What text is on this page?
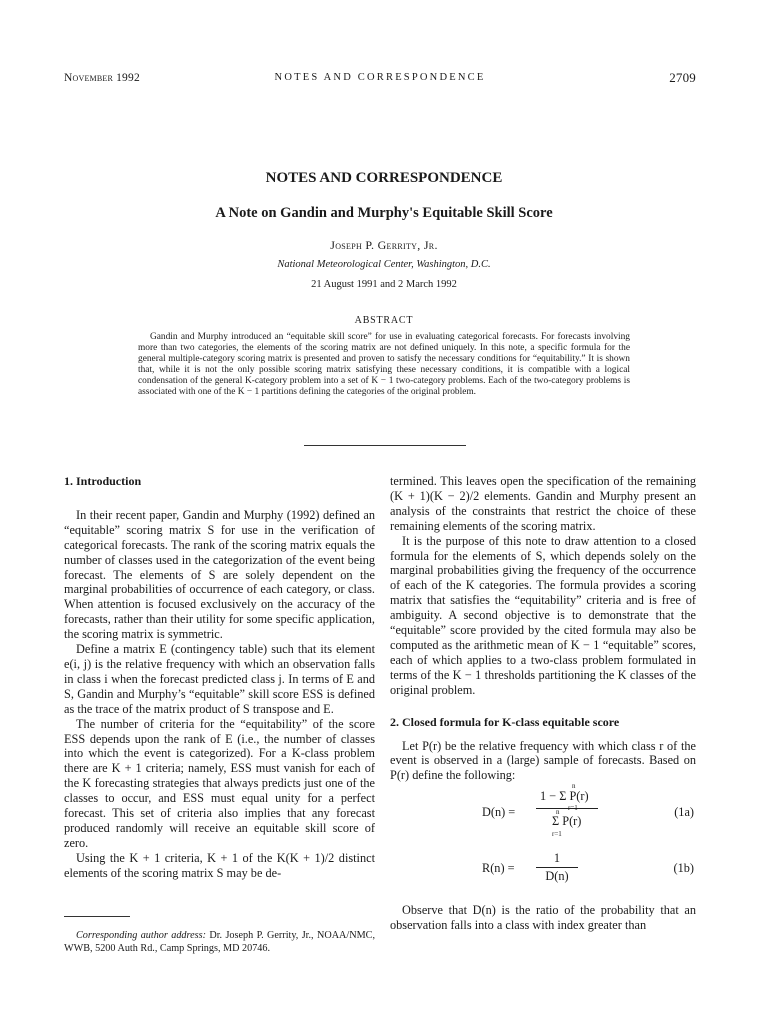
November 1992	NOTES AND CORRESPONDENCE	2709
NOTES AND CORRESPONDENCE
A Note on Gandin and Murphy's Equitable Skill Score
Joseph P. Gerrity, Jr.
National Meteorological Center, Washington, D.C.
21 August 1991 and 2 March 1992
ABSTRACT
Gandin and Murphy introduced an “equitable skill score” for use in evaluating categorical forecasts. For forecasts involving more than two categories, the elements of the scoring matrix are not defined uniquely. In this note, a specific formula for the general multiple-category scoring matrix is presented and proven to satisfy the necessary conditions for “equitability.” It is shown that, while it is not the only possible scoring matrix satisfying these necessary conditions, it is compatible with a logical condensation of the general K-category problem into a set of K − 1 two-category problems. Each of the two-category problems is associated with one of the K − 1 partitions defining the categories of the original problem.
1. Introduction

In their recent paper, Gandin and Murphy (1992) defined an “equitable” scoring matrix S for use in the verification of categorical forecasts. The rank of the scoring matrix equals the number of classes used in the categorization of the event being forecast. The elements of S are solely dependent on the marginal probabilities of occurrence of each category, or class. When attention is focused exclusively on the accuracy of the forecasts, rather than their utility for some specific application, the scoring matrix is symmetric.

Define a matrix E (contingency table) such that its element e(i, j) is the relative frequency with which an observation falls in class i when the forecast predicted class j. In terms of E and S, Gandin and Murphy’s “equitable” skill score ESS is defined as the trace of the matrix product of S transpose and E.

The number of criteria for the “equitability” of the score ESS depends upon the rank of E (i.e., the number of classes into which the event is categorized). For a K-class problem there are K + 1 criteria; namely, ESS must vanish for each of the K forecasting strategies that always predicts just one of the classes to occur, and ESS must equal unity for a perfect forecast. This set of criteria also implies that any forecast produced randomly will receive an equitable skill score of zero.

Using the K + 1 criteria, K + 1 of the K(K + 1)/2 distinct elements of the scoring matrix S may be de-

termined. This leaves open the specification of the remaining (K + 1)(K − 2)/2 elements. Gandin and Murphy present an analysis of the constraints that restrict the choice of these remaining elements of the scoring matrix.

It is the purpose of this note to draw attention to a closed formula for the elements of S, which depends solely on the marginal probabilities giving the frequency of the occurrence of each of the K categories. The formula provides a scoring matrix that satisfies the “equitability” criteria and is free of ambiguity. A second objective is to demonstrate that the “equitable” score provided by the cited formula may also be computed as the arithmetic mean of K − 1 “equitable” scores, each of which applies to a two-class problem formulated in terms of the K − 1 thresholds partitioning the K classes of the original problem.

2. Closed formula for K-class equitable score

Let P(r) be the relative frequency with which class r of the event is observed in a (large) sample of forecasts. Based on P(r) define the following:

D(n) =
n
1 − Σ P(r)
r=1
n
Σ P(r)
r=1
(1a)
R(n) =
1
D(n)
(1b)

Observe that D(n) is the ratio of the probability that an observation falls into a class with index greater than

Corresponding author address: Dr. Joseph P. Gerrity, Jr., NOAA/NMC, WWB, 5200 Auth Rd., Camp Springs, MD 20746.
